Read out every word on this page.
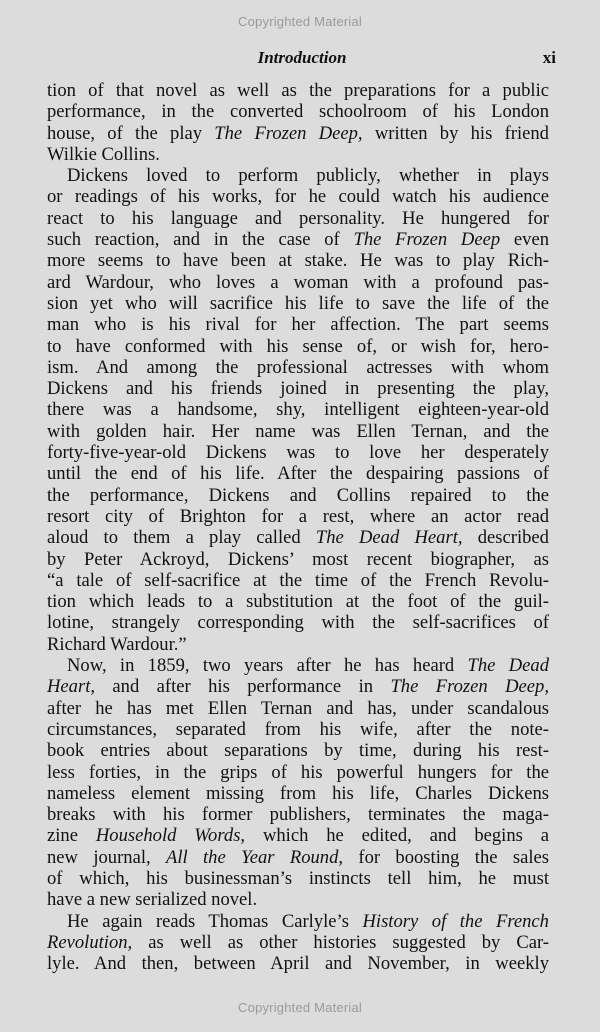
Copyrighted Material
Introduction	xi
tion of that novel as well as the preparations for a public
performance, in the converted schoolroom of his London
house, of the play The Frozen Deep, written by his friend
Wilkie Collins.
Dickens loved to perform publicly, whether in plays
or readings of his works, for he could watch his audience
react to his language and personality. He hungered for
such reaction, and in the case of The Frozen Deep even
more seems to have been at stake. He was to play Rich-
ard Wardour, who loves a woman with a profound pas-
sion yet who will sacrifice his life to save the life of the
man who is his rival for her affection. The part seems
to have conformed with his sense of, or wish for, hero-
ism. And among the professional actresses with whom
Dickens and his friends joined in presenting the play,
there was a handsome, shy, intelligent eighteen-year-old
with golden hair. Her name was Ellen Ternan, and the
forty-five-year-old Dickens was to love her desperately
until the end of his life. After the despairing passions of
the performance, Dickens and Collins repaired to the
resort city of Brighton for a rest, where an actor read
aloud to them a play called The Dead Heart, described
by Peter Ackroyd, Dickens’ most recent biographer, as
“a tale of self-sacrifice at the time of the French Revolu-
tion which leads to a substitution at the foot of the guil-
lotine, strangely corresponding with the self-sacrifices of
Richard Wardour.”
Now, in 1859, two years after he has heard The Dead
Heart, and after his performance in The Frozen Deep,
after he has met Ellen Ternan and has, under scandalous
circumstances, separated from his wife, after the note-
book entries about separations by time, during his rest-
less forties, in the grips of his powerful hungers for the
nameless element missing from his life, Charles Dickens
breaks with his former publishers, terminates the maga-
zine Household Words, which he edited, and begins a
new journal, All the Year Round, for boosting the sales
of which, his businessman’s instincts tell him, he must
have a new serialized novel.
He again reads Thomas Carlyle’s History of the French
Revolution, as well as other histories suggested by Car-
lyle. And then, between April and November, in weekly
Copyrighted Material
